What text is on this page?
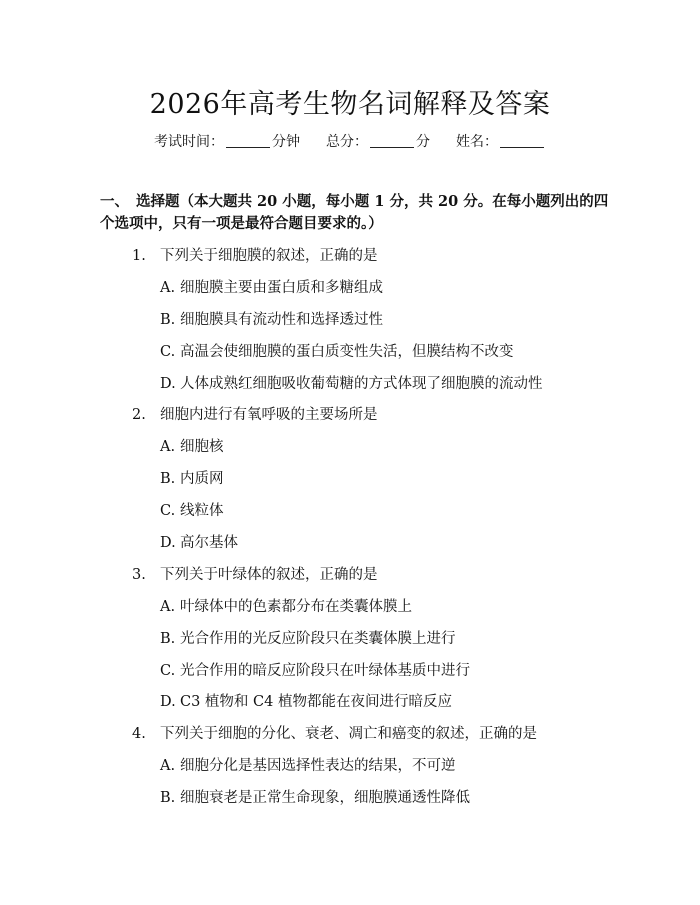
2026年高考生物名词解释及答案
考试时间：	分钟 总分：	分 姓名：
一、 选择题（本大题共 20 小题，每小题 1 分，共 20 分。在每小题列出的四个选项中，只有一项是最符合题目要求的。）
1. 下列关于细胞膜的叙述，正确的是
A. 细胞膜主要由蛋白质和多糖组成
B. 细胞膜具有流动性和选择透过性
C. 高温会使细胞膜的蛋白质变性失活，但膜结构不改变
D. 人体成熟红细胞吸收葡萄糖的方式体现了细胞膜的流动性
2. 细胞内进行有氧呼吸的主要场所是
A. 细胞核
B. 内质网
C. 线粒体
D. 高尔基体
3. 下列关于叶绿体的叙述，正确的是
A. 叶绿体中的色素都分布在类囊体膜上
B. 光合作用的光反应阶段只在类囊体膜上进行
C. 光合作用的暗反应阶段只在叶绿体基质中进行
D. C3 植物和 C4 植物都能在夜间进行暗反应
4. 下列关于细胞的分化、衰老、凋亡和癌变的叙述，正确的是
A. 细胞分化是基因选择性表达的结果，不可逆
B. 细胞衰老是正常生命现象，细胞膜通透性降低
